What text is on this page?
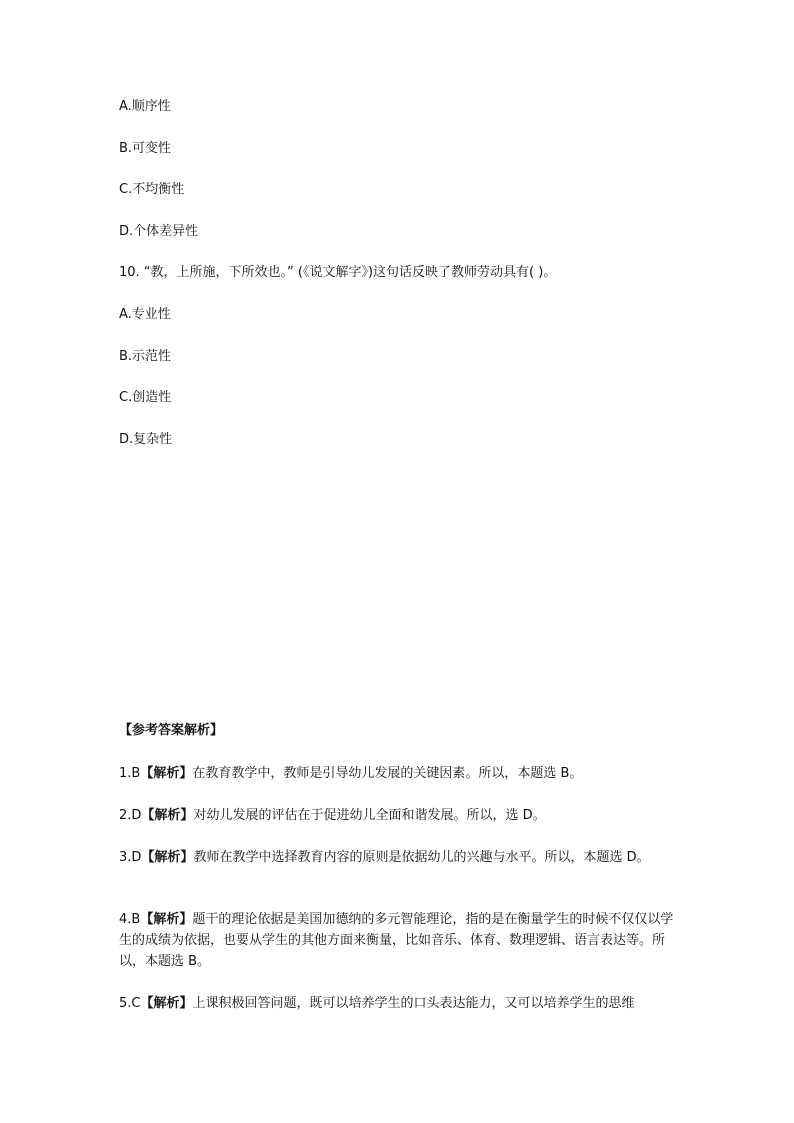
A.顺序性
B.可变性
C.不均衡性
D.个体差异性
10. “教，上所施，下所效也。” (《说文解字》)这句话反映了教师劳动具有( )。
A.专业性
B.示范性
C.创造性
D.复杂性
【参考答案解析】
1.B【解析】在教育教学中，教师是引导幼儿发展的关键因素。所以，本题选 B。
2.D【解析】对幼儿发展的评估在于促进幼儿全面和谐发展。所以，选 D。
3.D【解析】教师在教学中选择教育内容的原则是依据幼儿的兴趣与水平。所以，本题选 D。
4.B【解析】题干的理论依据是美国加德纳的多元智能理论，指的是在衡量学生的时候不仅仅以学生的成绩为依据，也要从学生的其他方面来衡量，比如音乐、体育、数理逻辑、语言表达等。所以，本题选 B。
5.C【解析】上课积极回答问题，既可以培养学生的口头表达能力，又可以培养学生的思维
